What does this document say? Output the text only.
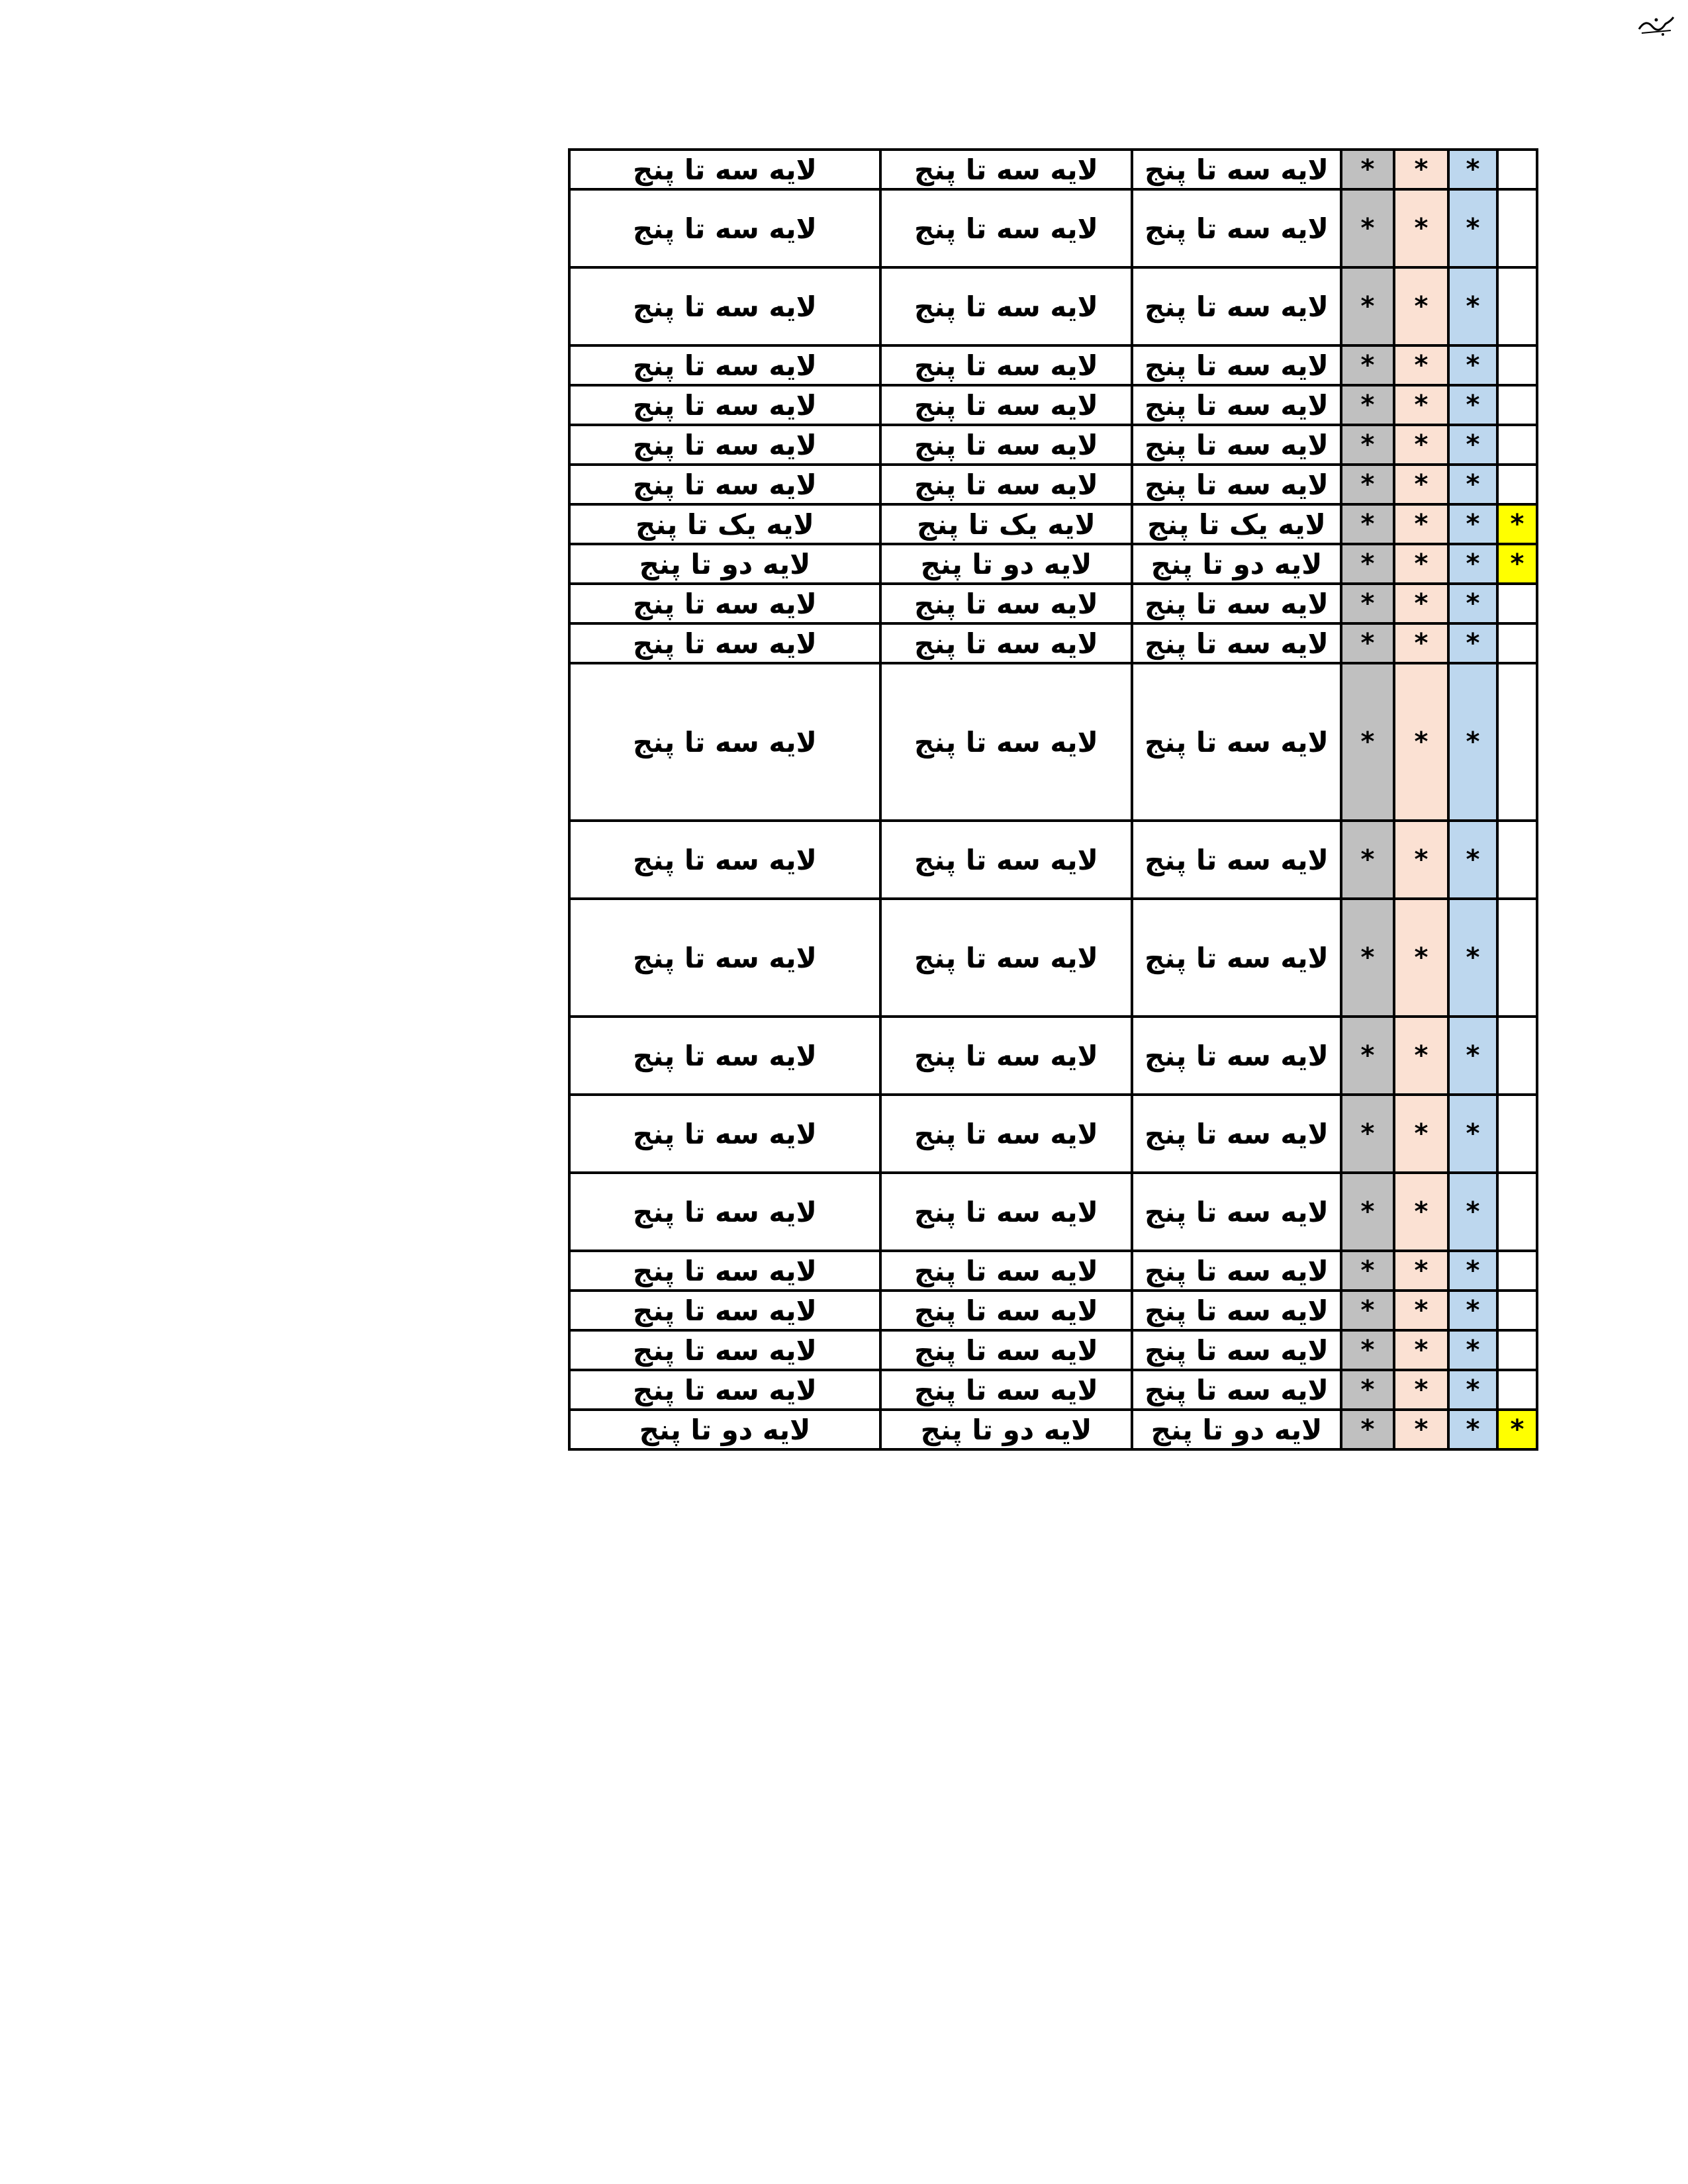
لایه سه تا پنج	لایه سه تا پنج	لایه سه تا پنج	*	*	*	
لایه سه تا پنج	لایه سه تا پنج	لایه سه تا پنج	*	*	*	
لایه سه تا پنج	لایه سه تا پنج	لایه سه تا پنج	*	*	*	
لایه سه تا پنج	لایه سه تا پنج	لایه سه تا پنج	*	*	*	
لایه سه تا پنج	لایه سه تا پنج	لایه سه تا پنج	*	*	*	
لایه سه تا پنج	لایه سه تا پنج	لایه سه تا پنج	*	*	*	
لایه سه تا پنج	لایه سه تا پنج	لایه سه تا پنج	*	*	*	
لایه یک تا پنج	لایه یک تا پنج	لایه یک تا پنج	*	*	*	*
لایه دو تا پنج	لایه دو تا پنج	لایه دو تا پنج	*	*	*	*
لایه سه تا پنج	لایه سه تا پنج	لایه سه تا پنج	*	*	*	
لایه سه تا پنج	لایه سه تا پنج	لایه سه تا پنج	*	*	*	
لایه سه تا پنج	لایه سه تا پنج	لایه سه تا پنج	*	*	*	
لایه سه تا پنج	لایه سه تا پنج	لایه سه تا پنج	*	*	*	
لایه سه تا پنج	لایه سه تا پنج	لایه سه تا پنج	*	*	*	
لایه سه تا پنج	لایه سه تا پنج	لایه سه تا پنج	*	*	*	
لایه سه تا پنج	لایه سه تا پنج	لایه سه تا پنج	*	*	*	
لایه سه تا پنج	لایه سه تا پنج	لایه سه تا پنج	*	*	*	
لایه سه تا پنج	لایه سه تا پنج	لایه سه تا پنج	*	*	*	
لایه سه تا پنج	لایه سه تا پنج	لایه سه تا پنج	*	*	*	
لایه سه تا پنج	لایه سه تا پنج	لایه سه تا پنج	*	*	*	
لایه سه تا پنج	لایه سه تا پنج	لایه سه تا پنج	*	*	*	
لایه دو تا پنج	لایه دو تا پنج	لایه دو تا پنج	*	*	*	*
